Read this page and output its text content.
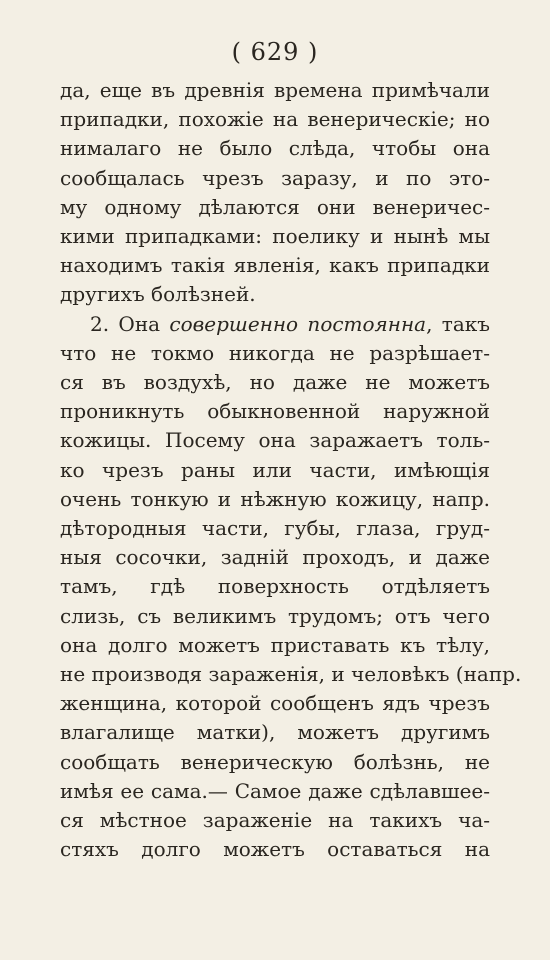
( 629 )
да, еще въ древнія времена примѣчали
припадки, похожіе на венерическіе; но
нималаго не было слѣда, чтобы она
сообщалась чрезъ заразу, и по это-
му одному дѣлаются они венеричес-
кими припадками: поелику и нынѣ мы
находимъ такія явленія, какъ припадки
другихъ болѣзней.
2. Она совершенно постоянна, такъ
что не токмо никогда не разрѣшает-
ся въ воздухѣ, но даже не можетъ
проникнуть обыкновенной наружной
кожицы. Посему она заражаетъ толь-
ко чрезъ раны или части, имѣющія
очень тонкую и нѣжную кожицу, напр.
дѣтородныя части, губы, глаза, груд-
ныя сосочки, заднiй проходъ, и даже
тамъ, гдѣ поверхность отдѣляетъ
слизь, съ великимъ трудомъ; отъ чего
она долго можетъ приставать къ тѣлу,
не производя зараженія, и человѣкъ (напр.
женщина, которой сообщенъ ядъ чрезъ
влагалище матки), можетъ другимъ
сообщать венерическую болѣзнь, не
имѣя ее сама.— Самое даже сдѣлавшее-
ся мѣстное зараженіе на такихъ ча-
стяхъ долго можетъ оставаться на
